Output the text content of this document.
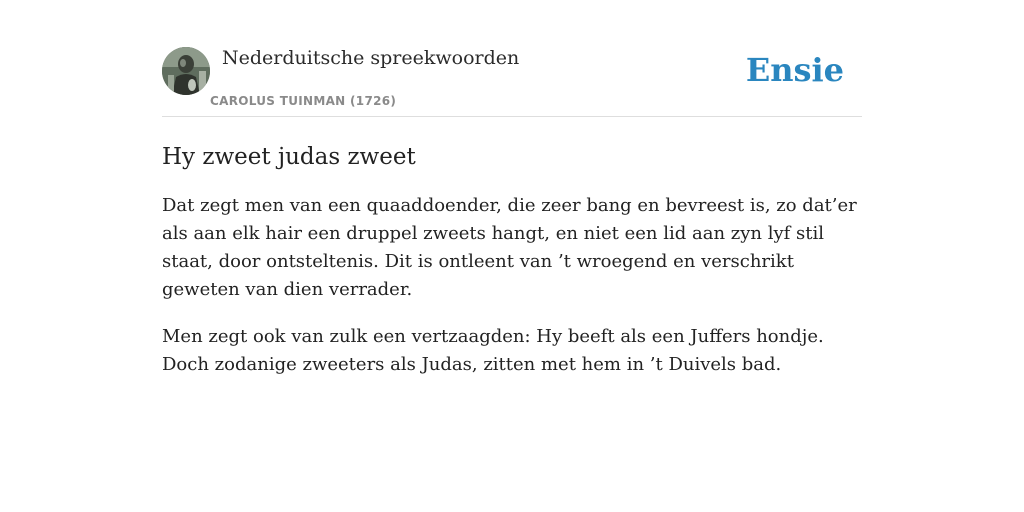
Nederduitsche spreekwoorden
CAROLUS TUINMAN (1726)
Ensie
Hy zweet judas zweet

Dat zegt men van een quaaddoender, die zeer bang en bevreest is, zo dat’er als aan elk hair een druppel zweets hangt, en niet een lid aan zyn lyf stil staat, door ontsteltenis. Dit is ontleent van ’t wroegend en verschrikt geweten van dien verrader.

Men zegt ook van zulk een vertzaagden: Hy beeft als een Juffers hondje. Doch zodanige zweeters als Judas, zitten met hem in ’t Duivels bad.
